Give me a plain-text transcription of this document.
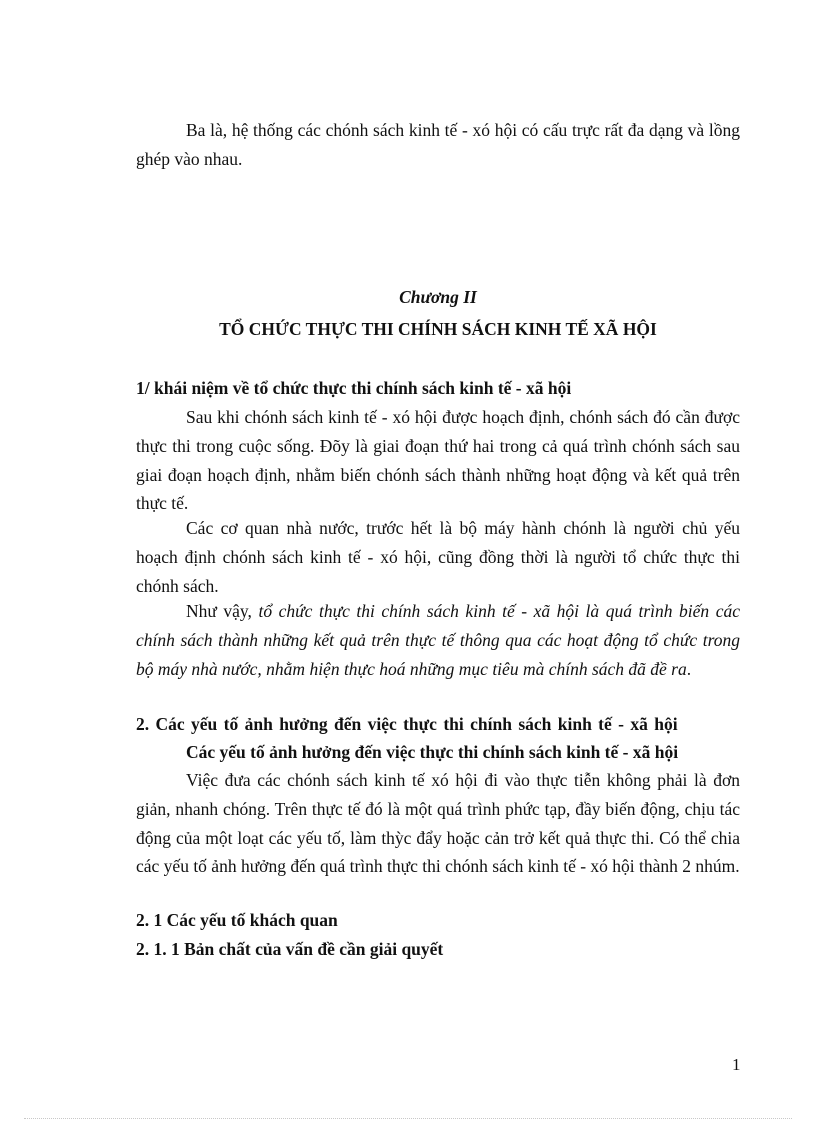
Ba là, hệ thống các chónh sách kinh tế - xó hội có cấu trực rất đa dạng và lồng ghép vào nhau.

Chương II

TỔ CHỨC THỰC THI CHÍNH SÁCH KINH TẾ XÃ HỘI

1/ khái niệm về tổ chức thực thi chính sách kinh tế - xã hội

Sau khi chónh sách kinh tế - xó hội được hoạch định, chónh sách đó cần được thực thi trong cuộc sống. Đõy là giai đoạn thứ hai trong cả quá trình chónh sách sau giai đoạn hoạch định, nhằm biến chónh sách thành những hoạt động và kết quả trên thực tế.

Các cơ quan nhà nước, trước hết là bộ máy hành chónh là người chủ yếu hoạch định chónh sách kinh tế - xó hội, cũng đồng thời là người tổ chức thực thi chónh sách.

Như vậy, tổ chức thực thi chính sách kinh tế - xã hội là quá trình biến các chính sách thành những kết quả trên thực tế thông qua các hoạt động tổ chức trong bộ máy nhà nước, nhằm hiện thực hoá những mục tiêu mà chính sách đã đề ra.

2. Các yếu tố ảnh hưởng đến việc thực thi chính sách kinh tế - xã hội

Các yếu tố ảnh hưởng đến việc thực thi chính sách kinh tế - xã hội

Việc đưa các chónh sách kinh tế xó hội đi vào thực tiễn không phải là đơn giản, nhanh chóng. Trên thực tế đó là một quá trình phức tạp, đầy biến động, chịu tác động của một loạt các yếu tố, làm thỳc đẩy hoặc cản trở kết quả thực thi. Có thể chia các yếu tố ảnh hưởng đến quá trình thực thi chónh sách kinh tế - xó hội thành 2 nhúm.

2. 1 Các yếu tố khách quan

2. 1. 1 Bản chất của vấn đề cần giải quyết

1
